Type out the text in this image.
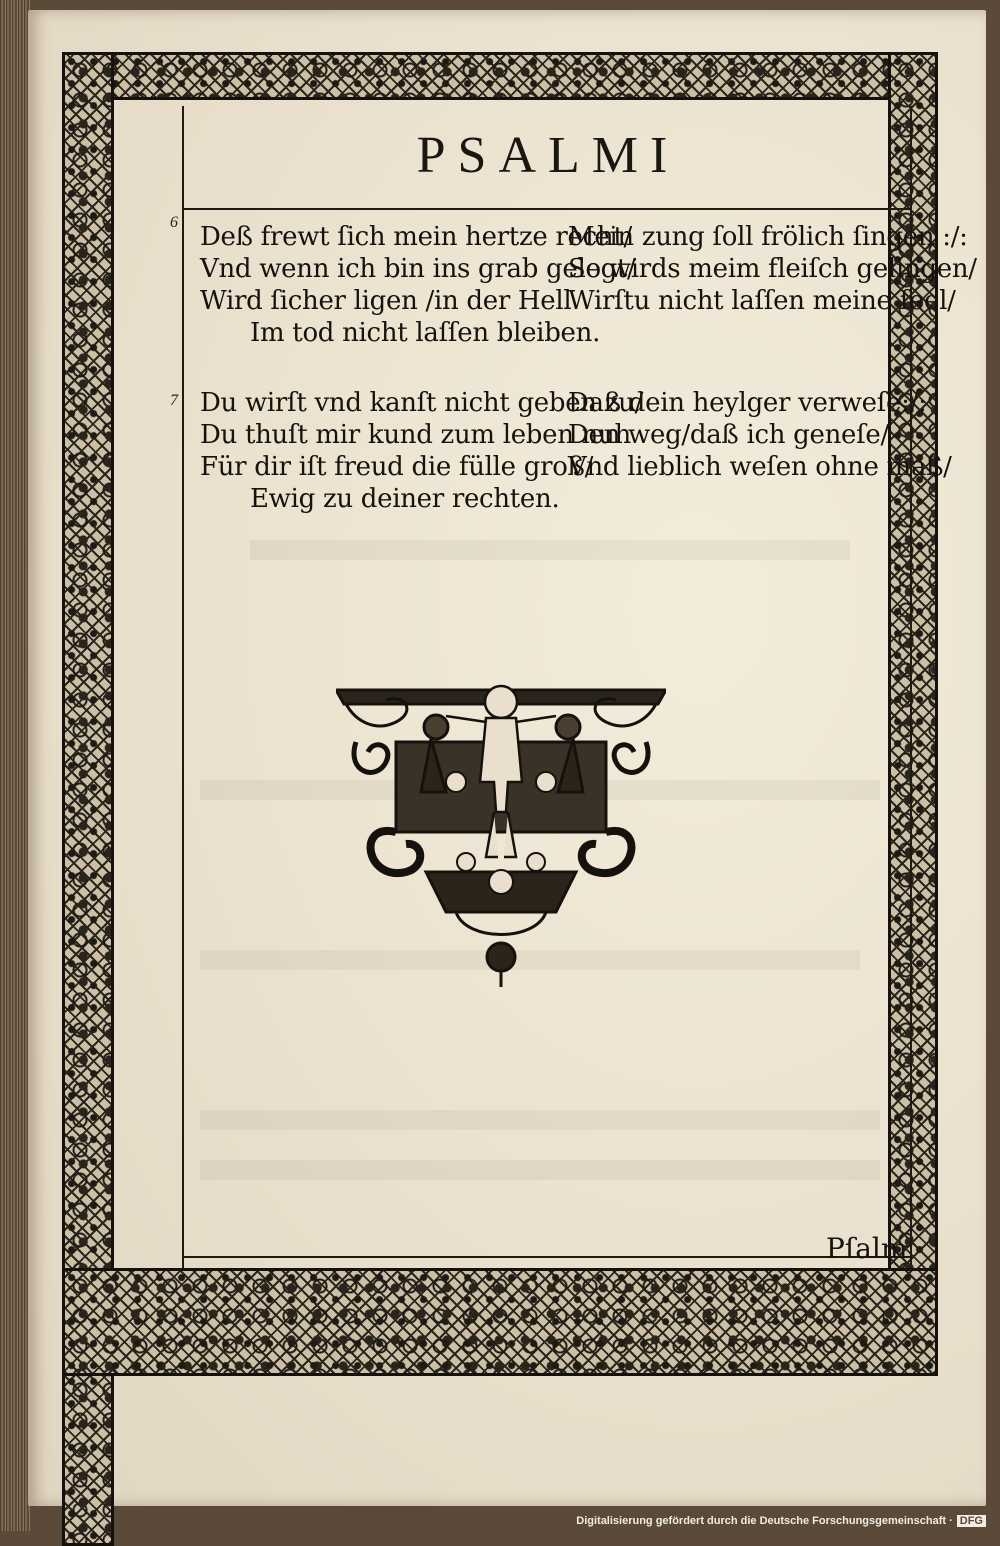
PSALMI
6 Deß frewt ſich mein hertze recht/
Mein zung ſoll frölich ſingen :/:
Vnd wenn ich bin ins grab gelegt/
So wirds meim fleiſch gelingen/
Wird ſicher ligen /in der Hell
Wirſtu nicht laſſen meine ſeel/
Im tod nicht laſſen bleiben.
7 Du wirſt vnd kanſt nicht geben zu/
Daß dein heylger verweſe:/:
Du thuſt mir kund zum leben nuh
Den weg/daß ich geneſe/
Für dir iſt freud die fülle groß/
Vnd lieblich weſen ohne maß/
Ewig zu deiner rechten.
Pſalm
Digitalisierung gefördert durch die Deutsche Forschungsgemeinschaft · DFG
